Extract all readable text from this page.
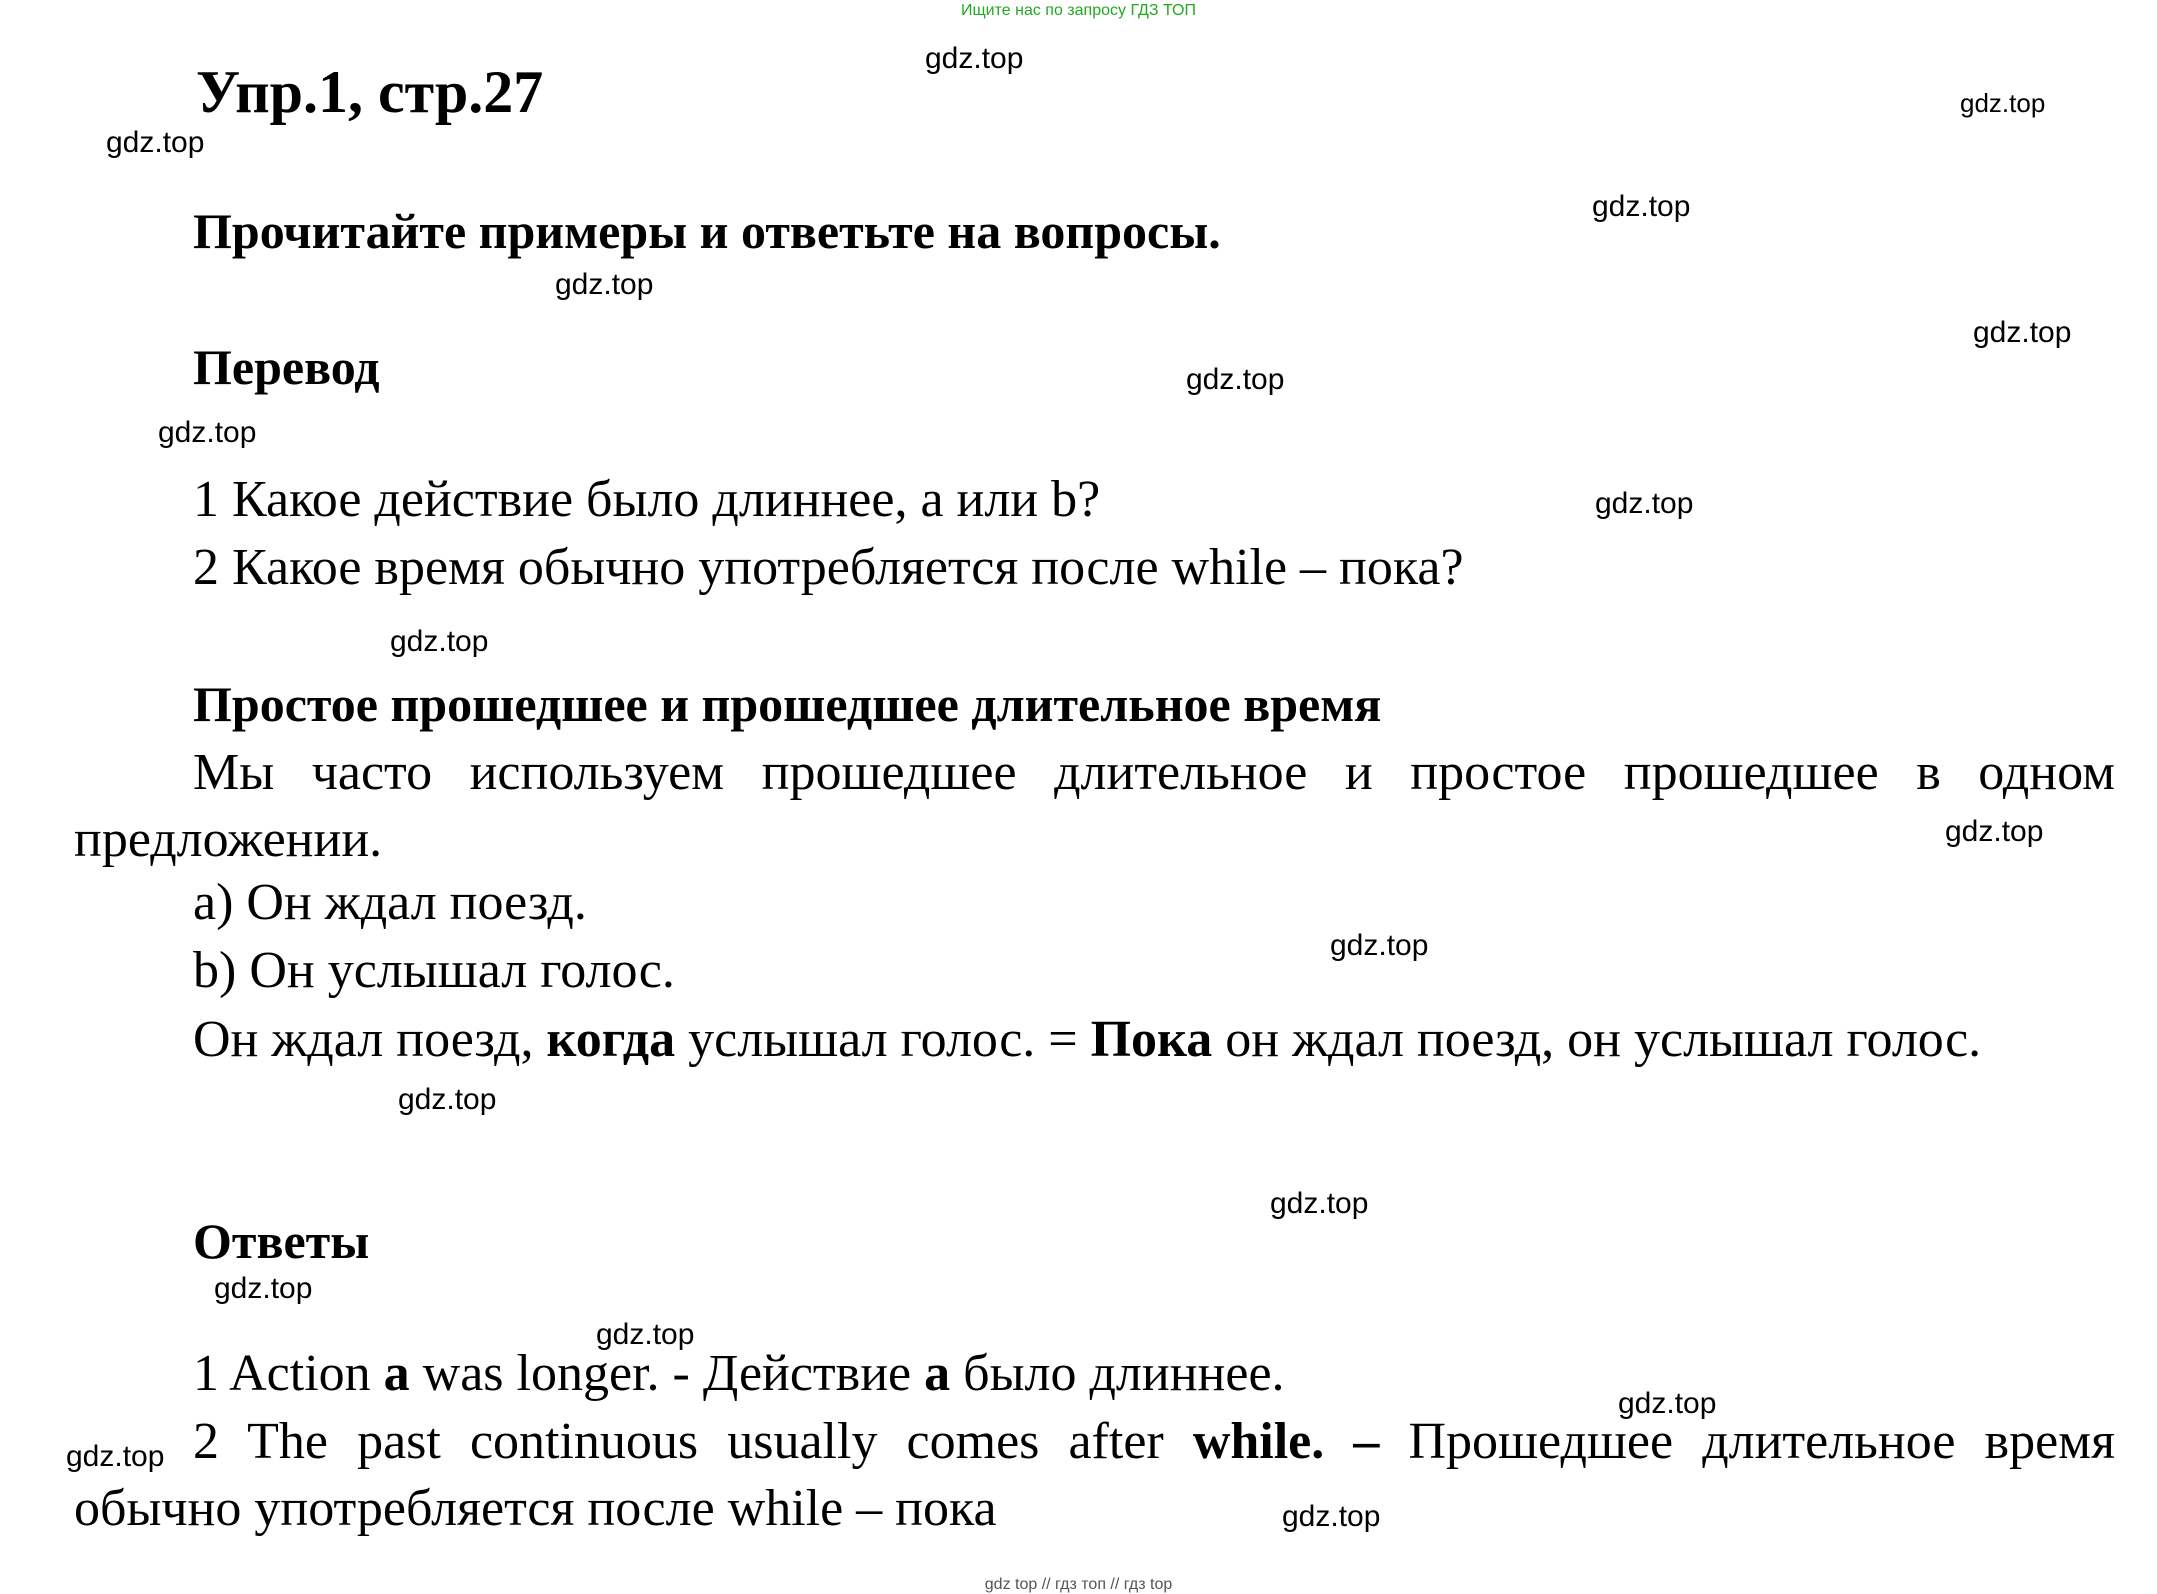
Ищите нас по запросу ГДЗ ТОП
Упр.1, стр.27
Прочитайте примеры и ответьте на вопросы.
Перевод
1 Какое действие было длиннее, a или b?
2 Какое время обычно употребляется после while – пока?
Простое прошедшее и прошедшее длительное время
Мы часто используем прошедшее длительное и простое прошедшее в одном предложении.
a) Он ждал поезд.
b) Он услышал голос.
Он ждал поезд, когда услышал голос. = Пока он ждал поезд, он услышал голос.
Ответы
1 Action a was longer. - Действие a было длиннее.
2 The past continuous usually comes after while. – Прошедшее длительное время обычно употребляется после while – пока
gdz.top
gdz.top
gdz.top
gdz.top
gdz.top
gdz.top
gdz.top
gdz.top
gdz.top
gdz.top
gdz.top
gdz.top
gdz.top
gdz.top
gdz.top
gdz.top
gdz.top
gdz.top
gdz.top
gdz top // гдз топ // гдз top
